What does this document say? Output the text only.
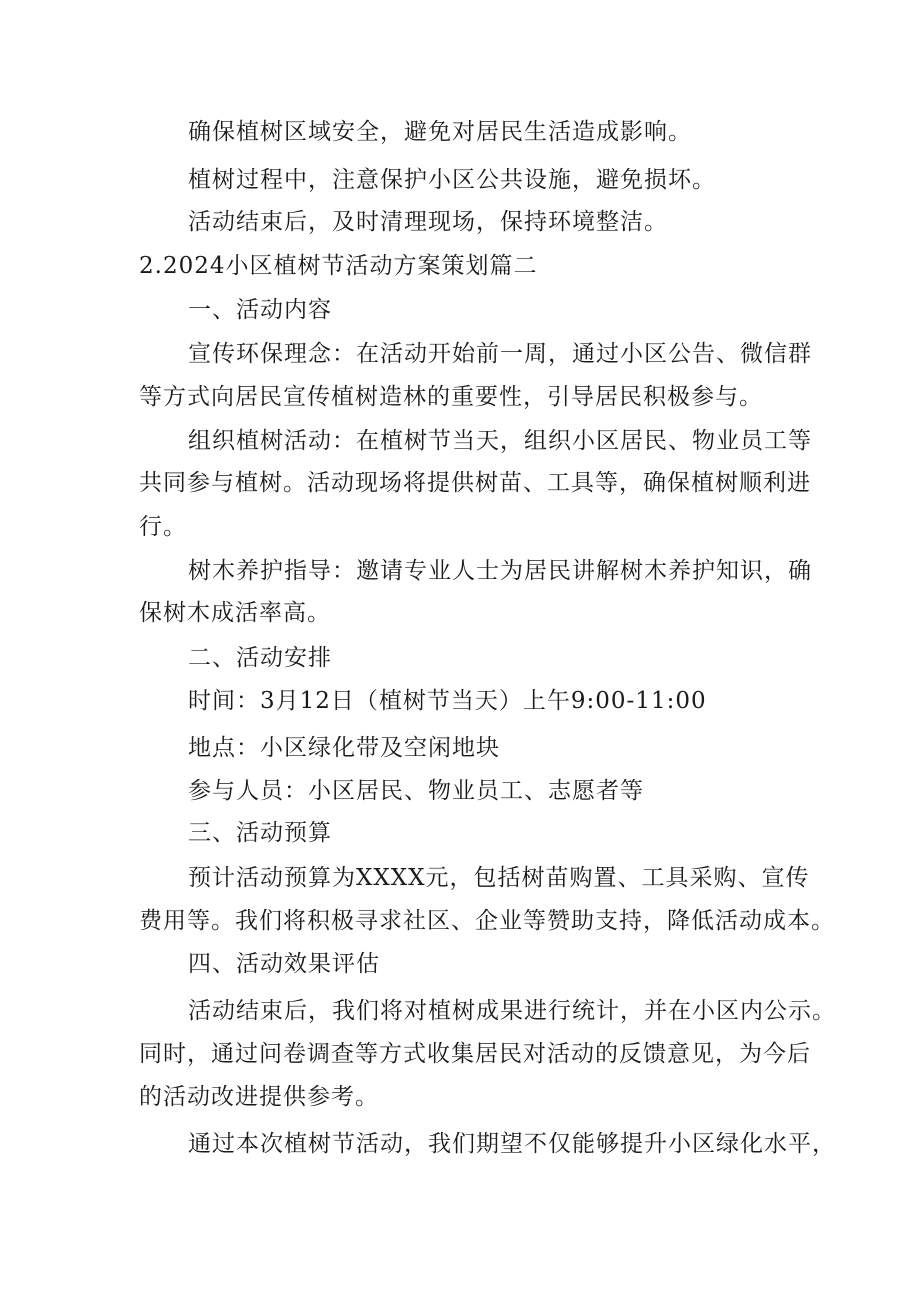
确保植树区域安全，避免对居民生活造成影响。
植树过程中，注意保护小区公共设施，避免损坏。
活动结束后，及时清理现场，保持环境整洁。
2.2024小区植树节活动方案策划篇二
一、活动内容
宣传环保理念：在活动开始前一周，通过小区公告、微信群
等方式向居民宣传植树造林的重要性，引导居民积极参与。
组织植树活动：在植树节当天，组织小区居民、物业员工等
共同参与植树。活动现场将提供树苗、工具等，确保植树顺利进
行。
树木养护指导：邀请专业人士为居民讲解树木养护知识，确
保树木成活率高。
二、活动安排
时间：3月12日（植树节当天）上午9:00-11:00
地点：小区绿化带及空闲地块
参与人员：小区居民、物业员工、志愿者等
三、活动预算
预计活动预算为XXXX元，包括树苗购置、工具采购、宣传
费用等。我们将积极寻求社区、企业等赞助支持，降低活动成本。
四、活动效果评估
活动结束后，我们将对植树成果进行统计，并在小区内公示。
同时，通过问卷调查等方式收集居民对活动的反馈意见，为今后
的活动改进提供参考。
通过本次植树节活动，我们期望不仅能够提升小区绿化水平，
